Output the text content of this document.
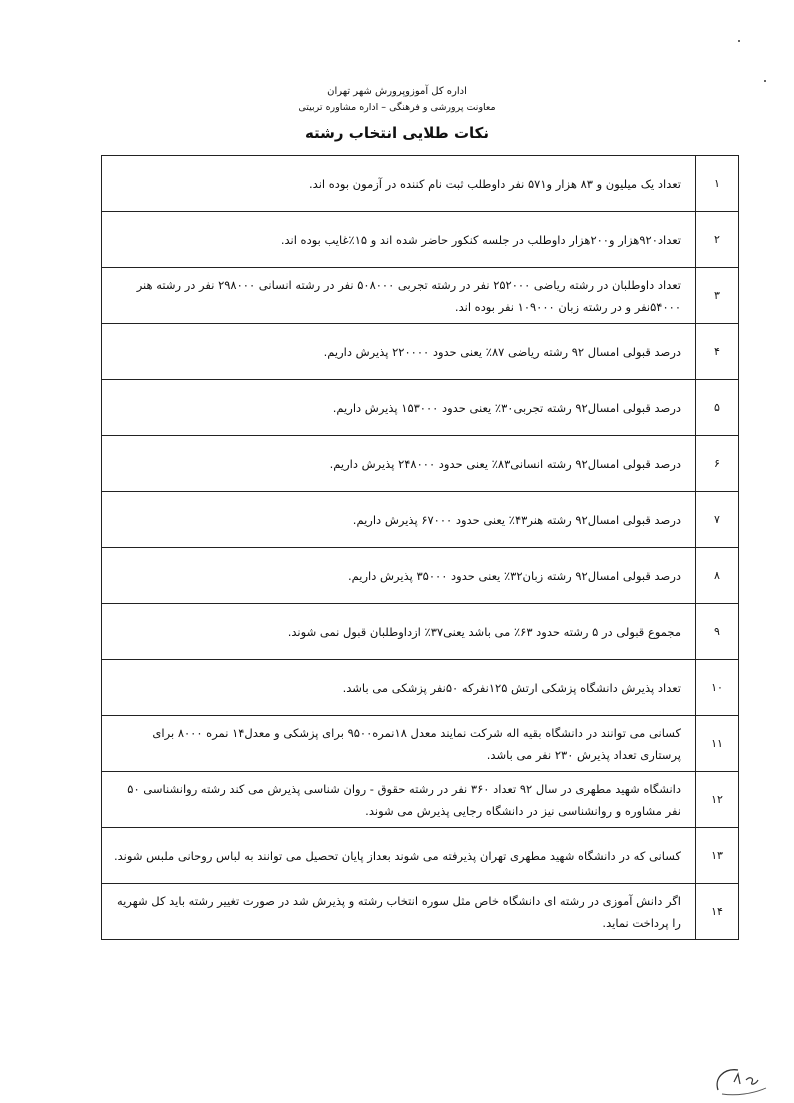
اداره کل آموزوپرورش شهر تهران
معاونت پرورشی و فرهنگی – اداره مشاوره تربیتی
نکات طلایی انتخاب رشته
۱	تعداد یک میلیون و ۸۳ هزار و۵۷۱ نفر داوطلب ثبت نام کننده در آزمون بوده اند.
۲	تعداد۹۲۰هزار و۲۰۰هزار داوطلب در جلسه کنکور حاضر شده اند و ۱۵٪غایب بوده اند.
۳	تعداد داوطلبان در رشته ریاضی ۲۵۲۰۰۰ نفر در رشته تجربی ۵۰۸۰۰۰ نفر در رشته انسانی ۲۹۸۰۰۰ نفر در رشته هنر ۵۴۰۰۰نفر و در رشته زبان ۱۰۹۰۰۰ نفر بوده اند.
۴	درصد قبولی امسال ۹۲ رشته ریاضی ۸۷٪ یعنی حدود ۲۲۰۰۰۰ پذیرش داریم.
۵	درصد قبولی امسال۹۲ رشته تجربی۳۰٪ یعنی حدود ۱۵۳۰۰۰ پذیرش داریم.
۶	درصد قبولی امسال۹۲ رشته انسانی۸۳٪ یعنی حدود ۲۴۸۰۰۰ پذیرش داریم.
۷	درصد قبولی امسال۹۲ رشته هنر۴۳٪ یعنی حدود ۶۷۰۰۰ پذیرش داریم.
۸	درصد قبولی امسال۹۲ رشته زبان۳۲٪ یعنی حدود ۳۵۰۰۰ پذیرش داریم.
۹	مجموع قبولی در ۵ رشته حدود ۶۳٪ می باشد یعنی۳۷٪ ازداوطلبان قبول نمی شوند.
۱۰	تعداد پذیرش دانشگاه پزشکی ارتش ۱۲۵نفرکه ۵۰نفر پزشکی می باشد.
۱۱	کسانی می توانند در دانشگاه بقیه اله شرکت نمایند معدل ۱۸نمره۹۵۰۰ برای پزشکی و معدل۱۴ نمره ۸۰۰۰ برای پرستاری تعداد پذیرش ۲۳۰ نفر می باشد.
۱۲	دانشگاه شهید مطهری در سال ۹۲ تعداد ۳۶۰ نفر در رشته حقوق - روان شناسی پذیرش می کند رشته روانشناسی ۵۰ نفر مشاوره و روانشناسی نیز در دانشگاه رجایی پذیرش می شوند.
۱۳	کسانی که در دانشگاه شهید مطهری تهران پذیرفته می شوند بعداز پایان تحصیل می توانند به لباس روحانی ملبس شوند.
۱۴	اگر دانش آموزی در رشته ای دانشگاه خاص مثل سوره انتخاب رشته و پذیرش شد در صورت تغییر رشته باید کل شهریه را پرداخت نماید.
